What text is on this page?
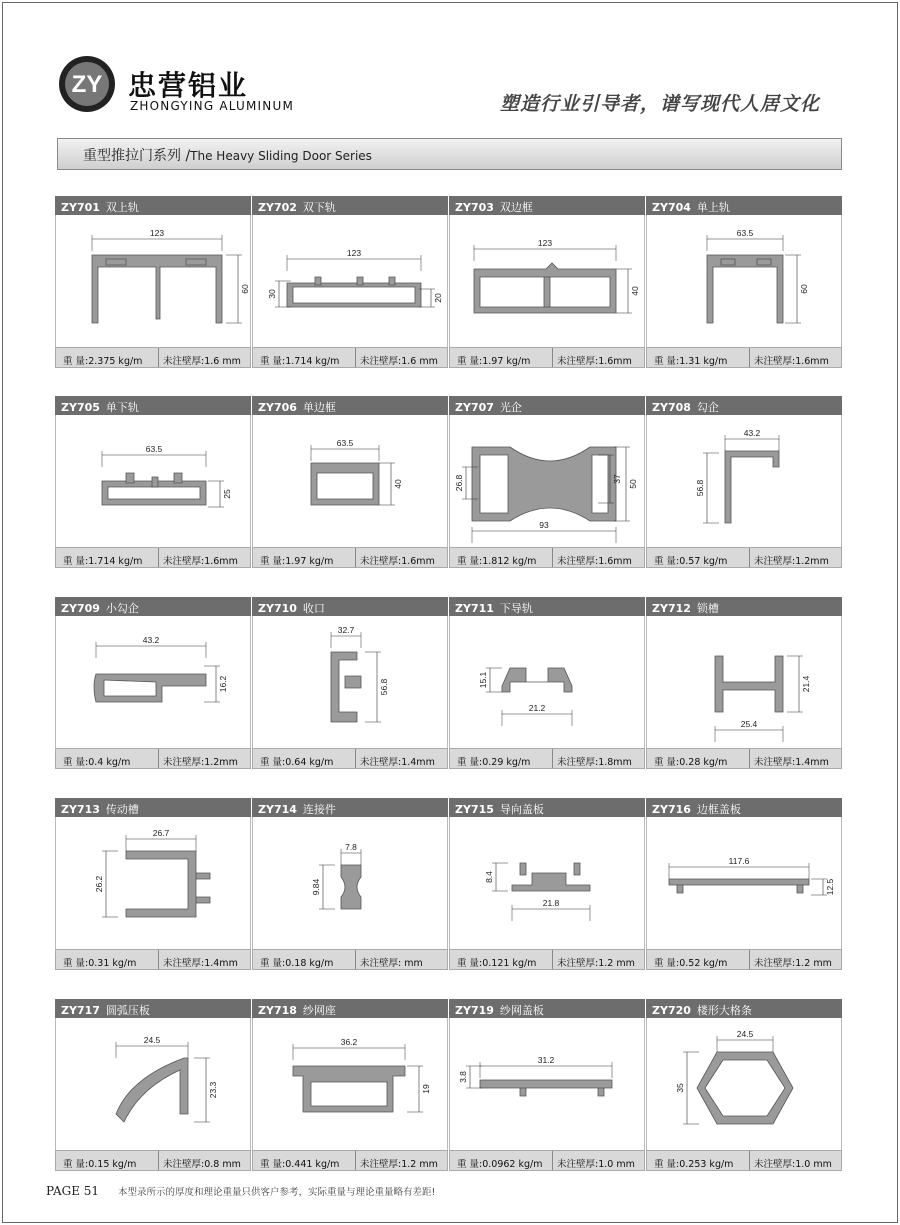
ZY 忠营铝业
ZHONGYING ALUMINUM	塑造行业引导者，谱写现代人居文化
重型推拉门系列 /The Heavy Sliding Door Series
ZY701 双上轨
123
60
重 量:2.375 kg/m	未注壁厚:1.6 mm
ZY702 双下轨
123
30	20
重 量:1.714 kg/m	未注壁厚:1.6 mm
ZY703 双边框
123
40
重 量:1.97 kg/m	未注壁厚:1.6mm
ZY704 单上轨
63.5
60
重 量:1.31 kg/m	未注壁厚:1.6mm
ZY705 单下轨
63.5
25
重 量:1.714 kg/m	未注壁厚:1.6mm
ZY706 单边框
63.5
40
重 量:1.97 kg/m	未注壁厚:1.6mm
ZY707 光企
26.8	37
50
93
重 量:1.812 kg/m	未注壁厚:1.6mm
ZY708 勾企
43.2
56.8
重 量:0.57 kg/m	未注壁厚:1.2mm
ZY709 小勾企
43.2
16.2
重 量:0.4 kg/m	未注壁厚:1.2mm
ZY710 收口
32.7
56.8
重 量:0.64 kg/m	未注壁厚:1.4mm
ZY711 下导轨
15.1
21.2
重 量:0.29 kg/m	未注壁厚:1.8mm
ZY712 锁槽
21.4
25.4
重 量:0.28 kg/m	未注壁厚:1.4mm
ZY713 传动槽
26.7
26.2
重 量:0.31 kg/m	未注壁厚:1.4mm
ZY714 连接件
7.8
9.84
重 量:0.18 kg/m	未注壁厚: mm
ZY715 导向盖板
8.4
21.8
重 量:0.121 kg/m	未注壁厚:1.2 mm
ZY716 边框盖板
117.6
12.5
重 量:0.52 kg/m	未注壁厚:1.2 mm
ZY717 圆弧压板
24.5
23.3
重 量:0.15 kg/m	未注壁厚:0.8 mm
ZY718 纱网座
36.2
19
重 量:0.441 kg/m	未注壁厚:1.2 mm
ZY719 纱网盖板
3.8
31.2
重 量:0.0962 kg/m	未注壁厚:1.0 mm
ZY720 楼形大格条
24.5
35
重 量:0.253 kg/m	未注壁厚:1.0 mm
PAGE 51 本型录所示的厚度和理论重量只供客户参考，实际重量与理论重量略有差距!
